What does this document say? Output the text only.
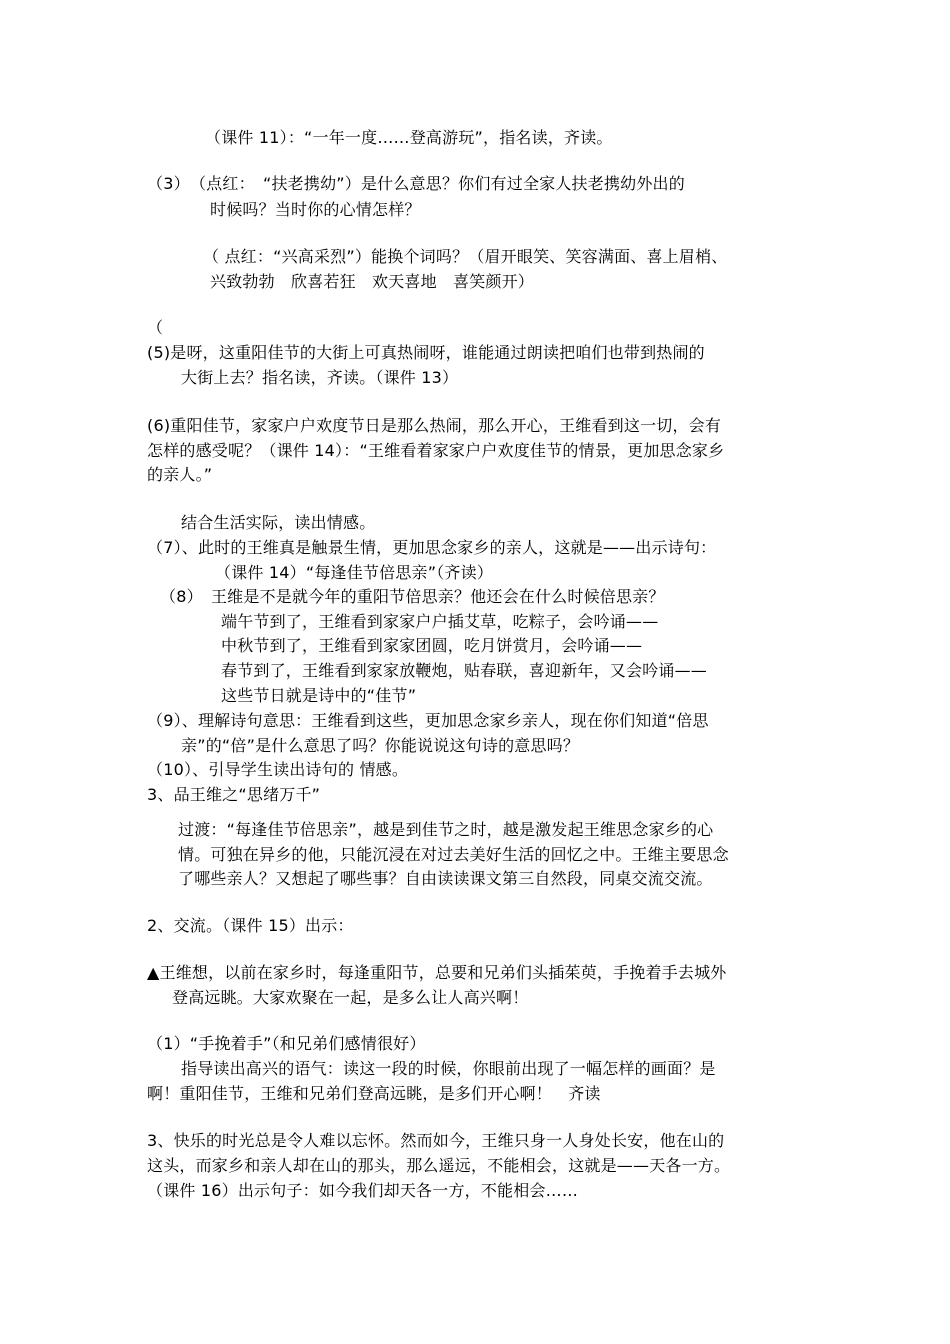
（课件 11）：“一年一度……登高游玩”，指名读，齐读。
（3）　（点红：　“扶老携幼”）是什么意思？你们有过全家人扶老携幼外出的
时候吗？当时你的心情怎样？
（ 点红：“兴高采烈”）能换个词吗？（眉开眼笑、笑容满面、喜上眉梢、
兴致勃勃　欣喜若狂　欢天喜地　喜笑颜开）
（
(5)是呀，这重阳佳节的大街上可真热闹呀，谁能通过朗读把咱们也带到热闹的
大街上去？指名读，齐读。（课件 13）
(6)重阳佳节，家家户户欢度节日是那么热闹，那么开心，王维看到这一切，会有
怎样的感受呢？（课件 14）：“王维看着家家户户欢度佳节的情景，更加思念家乡
的亲人。”
结合生活实际，读出情感。
（7）、此时的王维真是触景生情，更加思念家乡的亲人，这就是——出示诗句：
（课件 14）“每逢佳节倍思亲”（齐读）
（8）　王维是不是就今年的重阳节倍思亲？他还会在什么时候倍思亲？
端午节到了，王维看到家家户户插艾草，吃粽子，会吟诵——
中秋节到了，王维看到家家团圆，吃月饼赏月，会吟诵——
春节到了，王维看到家家放鞭炮，贴春联，喜迎新年，又会吟诵——
这些节日就是诗中的“佳节”
（9）、理解诗句意思：王维看到这些，更加思念家乡亲人，现在你们知道“倍思
亲”的“倍”是什么意思了吗？你能说说这句诗的意思吗？
（10）、引导学生读出诗句的 情感。
3、品王维之“思绪万千”
过渡：“每逢佳节倍思亲”，越是到佳节之时，越是激发起王维思念家乡的心
情。可独在异乡的他，只能沉浸在对过去美好生活的回忆之中。王维主要思念
了哪些亲人？又想起了哪些事？自由读读课文第三自然段，同桌交流交流。
2、交流。（课件 15）出示：
▲王维想，以前在家乡时，每逢重阳节，总要和兄弟们头插茱萸，手挽着手去城外
登高远眺。大家欢聚在一起，是多么让人高兴啊！
（1）“手挽着手”（和兄弟们感情很好）
指导读出高兴的语气：读这一段的时候，你眼前出现了一幅怎样的画面？是
啊！重阳佳节，王维和兄弟们登高远眺，是多们开心啊！　齐读
3、快乐的时光总是令人难以忘怀。然而如今，王维只身一人身处长安，他在山的
这头，而家乡和亲人却在山的那头，那么遥远，不能相会，这就是——天各一方。
（课件 16）出示句子：如今我们却天各一方，不能相会……
